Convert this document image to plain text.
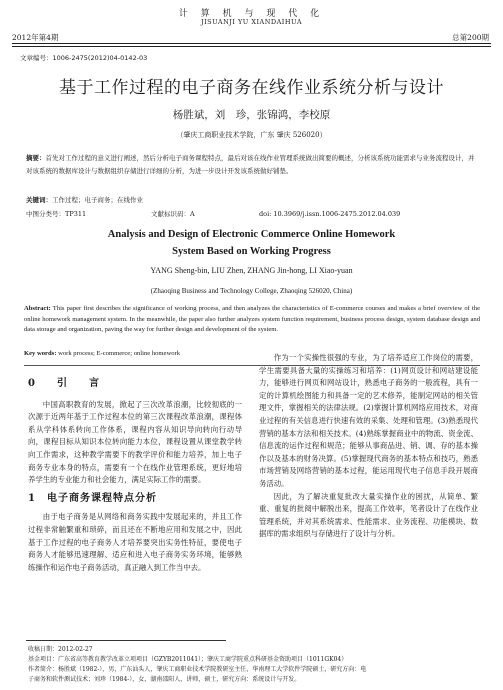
计 算 机 与 现 代 化
JISUANJI YU XIANDAIHUA
2012年第4期	总第200期
文章编号：1006-2475(2012)04-0142-03
基于工作过程的电子商务在线作业系统分析与设计
杨胜斌，刘　珍，张锦鸿，李校原
（肇庆工商职业技术学院，广东 肇庆 526020）
摘要：首先对工作过程的意义进行阐述，然后分析电子商务课程特点，最后对该在线作业管理系统做出简要的概述，分析该系统功能需求与业务流程设计，并对该系统的数据库设计与数据组织存储进行详细的分析，为进一步设计开发该系统做好铺垫。
关键词：工作过程；电子商务；在线作业
中图分类号：TP311	文献标识码：A	doi: 10.3969/j.issn.1006-2475.2012.04.039
Analysis and Design of Electronic Commerce Online Homework
System Based on Working Progress
YANG Sheng-bin, LIU Zhen, ZHANG Jin-hong, LI Xiao-yuan
(Zhaoqing Business and Technology College, Zhaoqing 526020, China)
Abstract: This paper first describes the significance of working process, and then analyzes the characteristics of E-commerce courses and makes a brief overview of the online homework management system. In the meanwhile, the paper also further analyzes system function requirement, business process design, system database design and data storage and organization, paving the way for further design and development of the system.
Key words: work process; E-commerce; online homework

0　引　言

中国高职教育的发展，掀起了三次改革浪潮，比较彻底的一次源于近两年基于工作过程本位的第三次课程改革浪潮，课程体系从学科体系转向工作体系，课程内容从知识导向转向行动导向，课程目标从知识本位转向能力本位，课程设置从课堂教学转向工作需求，这种教学需要下的教学评价和能力培养，加上电子商务专业本身的特点，需要有一个在线作业管理系统，更好地培养学生的专业能力和社会能力，满足实际工作的需要。

1　电子商务课程特点分析

由于电子商务是从网络和商务实践中发展起来的，并且工作过程非常触繁重和琐碎，而且还在不断地应用和发展之中，因此基于工作过程的电子商务人才培养要突出实务性特征，要使电子商务人才能够迅速理解、适应和进入电子商务实务环境，能够熟练操作和运作电子商务活动，真正融入到工作当中去。

作为一个实操性很强的专业，为了培养适应工作岗位的需要，学生需要具备大量的实操练习和培养：(1)网页设计和网站建设能力，能够进行网页和网站设计，熟悉电子商务的一般流程，具有一定的计算机绘图能力和具备一定的艺术修养，能制定网站的相关管理文件，掌握相关的法律法规。(2)掌握计算机网络应用技术，对商业过程的有关信息进行快速有效的采集、处理和管理。(3)熟悉现代营销的基本方法和相关技术。(4)熟练掌握商业中的物流、资金流、信息流的运作过程和规范；能够从事商品进、销、调、存的基本操作以及基本的财务决算。(5)掌握现代商务的基本特点和技巧，熟悉市场营销及网络营销的基本过程，能运用现代电子信息手段开展商务活动。

因此，为了解决重复批改大量实操作业的困扰，从简单、繁重、重复的批阅中解脱出来，提高工作效率，笔者设计了在线作业管理系统，并对其系统需求、性能需求、业务流程、功能模块、数据库的需求组织与存储进行了设计与分析。

收稿日期：2012-02-27
基金项目：广东省高等教育教学改革立项项目（GZYB2011041）；肇庆工商学院重点科研基金资助项目（1011GK04）
作者简介：杨胜斌（1982-），男，广东汕头人，肇庆工商职业技术学院教研室主任，华南理工大学软件学院硕士，研究方向：电
子商务和软件测试技术；刘珍（1984-），女，湖南邵阳人，讲师，硕士，研究方向：系统设计与开发。
